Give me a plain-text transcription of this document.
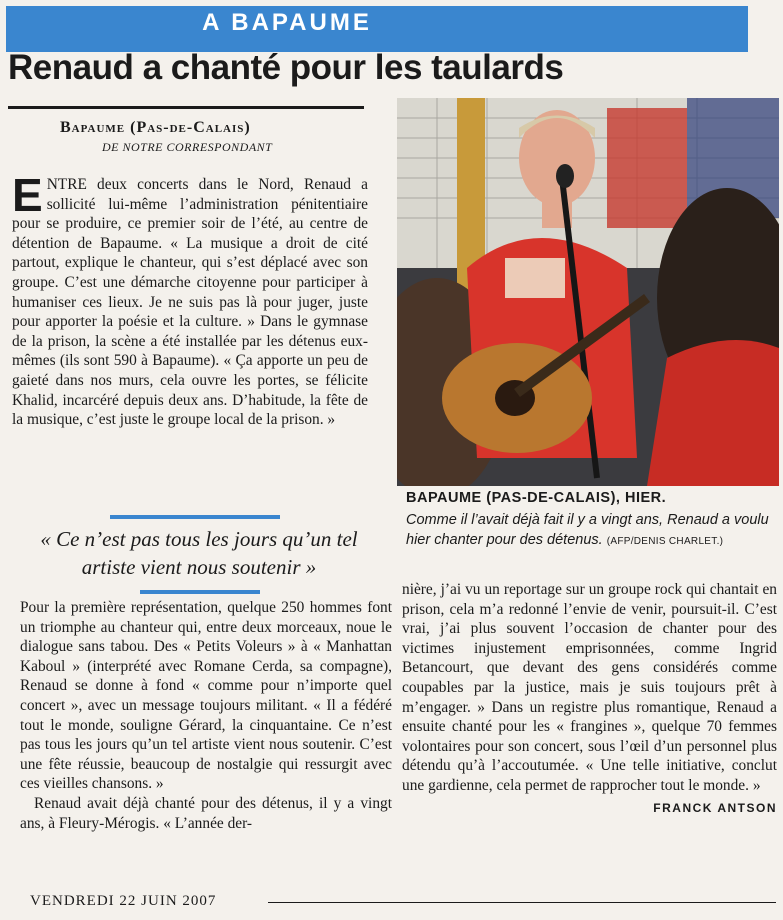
A BAPAUME
Renaud a chanté pour les taulards
Bapaume (Pas-de-Calais)
DE NOTRE CORRESPONDANT
ENTRE deux concerts dans le Nord, Renaud a sollicité lui-même l’administration pénitentiaire pour se produire, ce premier soir de l’été, au centre de détention de Bapaume. « La musique a droit de cité partout, explique le chanteur, qui s’est déplacé avec son groupe. C’est une démarche citoyenne pour participer à humaniser ces lieux. Je ne suis pas là pour juger, juste pour apporter la poésie et la culture. » Dans le gymnase de la prison, la scène a été installée par les détenus eux-mêmes (ils sont 590 à Bapaume). « Ça apporte un peu de gaieté dans nos murs, cela ouvre les portes, se félicite Khalid, incarcéré depuis deux ans. D’habitude, la fête de la musique, c’est juste le groupe local de la prison. »
« Ce n’est pas tous les jours qu’un tel artiste vient nous soutenir »
Pour la première représentation, quelque 250 hommes font un triomphe au chanteur qui, entre deux morceaux, noue le dialogue sans tabou. Des « Petits Voleurs » à « Manhattan Kaboul » (interprété avec Romane Cerda, sa compagne), Renaud se donne à fond « comme pour n’importe quel concert », avec un message toujours militant. « Il a fédéré tout le monde, souligne Gérard, la cinquantaine. Ce n’est pas tous les jours qu’un tel artiste vient nous soutenir. C’est une fête réussie, beaucoup de nostalgie qui ressurgit avec ces vieilles chansons. »
Renaud avait déjà chanté pour des détenus, il y a vingt ans, à Fleury-Mérogis. « L’année der-
nière, j’ai vu un reportage sur un groupe rock qui chantait en prison, cela m’a redonné l’envie de venir, poursuit-il. C’est vrai, j’ai plus souvent l’occasion de chanter pour des victimes injustement emprisonnées, comme Ingrid Betancourt, que devant des gens considérés comme coupables par la justice, mais je suis toujours prêt à m’engager. » Dans un registre plus romantique, Renaud a ensuite chanté pour les « frangines », quelque 70 femmes volontaires pour son concert, sous l’œil d’un personnel plus détendu qu’à l’accoutumée. « Une telle initiative, conclut une gardienne, cela permet de rapprocher tout le monde. »
FRANCK ANTSON
BAPAUME (PAS-DE-CALAIS), HIER.
Comme il l’avait déjà fait il y a vingt ans, Renaud a voulu hier chanter pour des détenus. (AFP/DENIS CHARLET.)
VENDREDI 22 JUIN 2007
